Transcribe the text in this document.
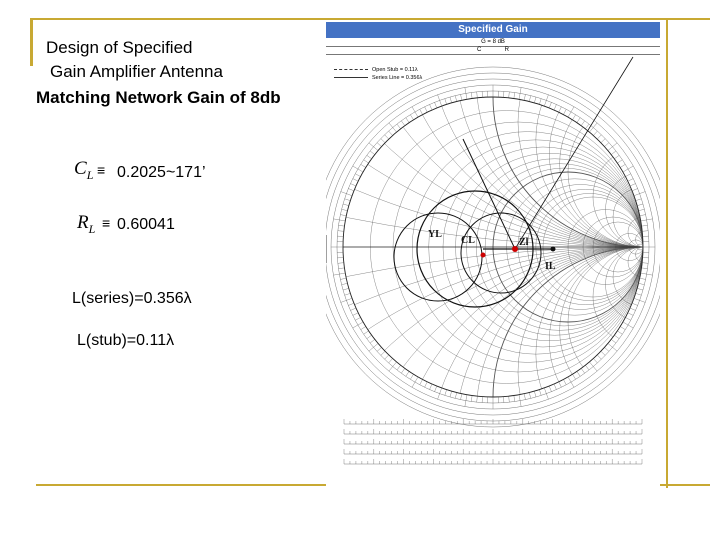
Design of Specified
Gain Amplifier Antenna
Matching Network Gain of 8db
$C_L$ ≡ 0.2025~171’
$R_L \equiv 0.60041$
L(series)=0.356λ
L(stub)=0.11λ
Specified Gain
G = 8 dB
C	R
Open Stub = 0.11λ
Series Line = 0.356λ
YL
CL	Zl
IL
